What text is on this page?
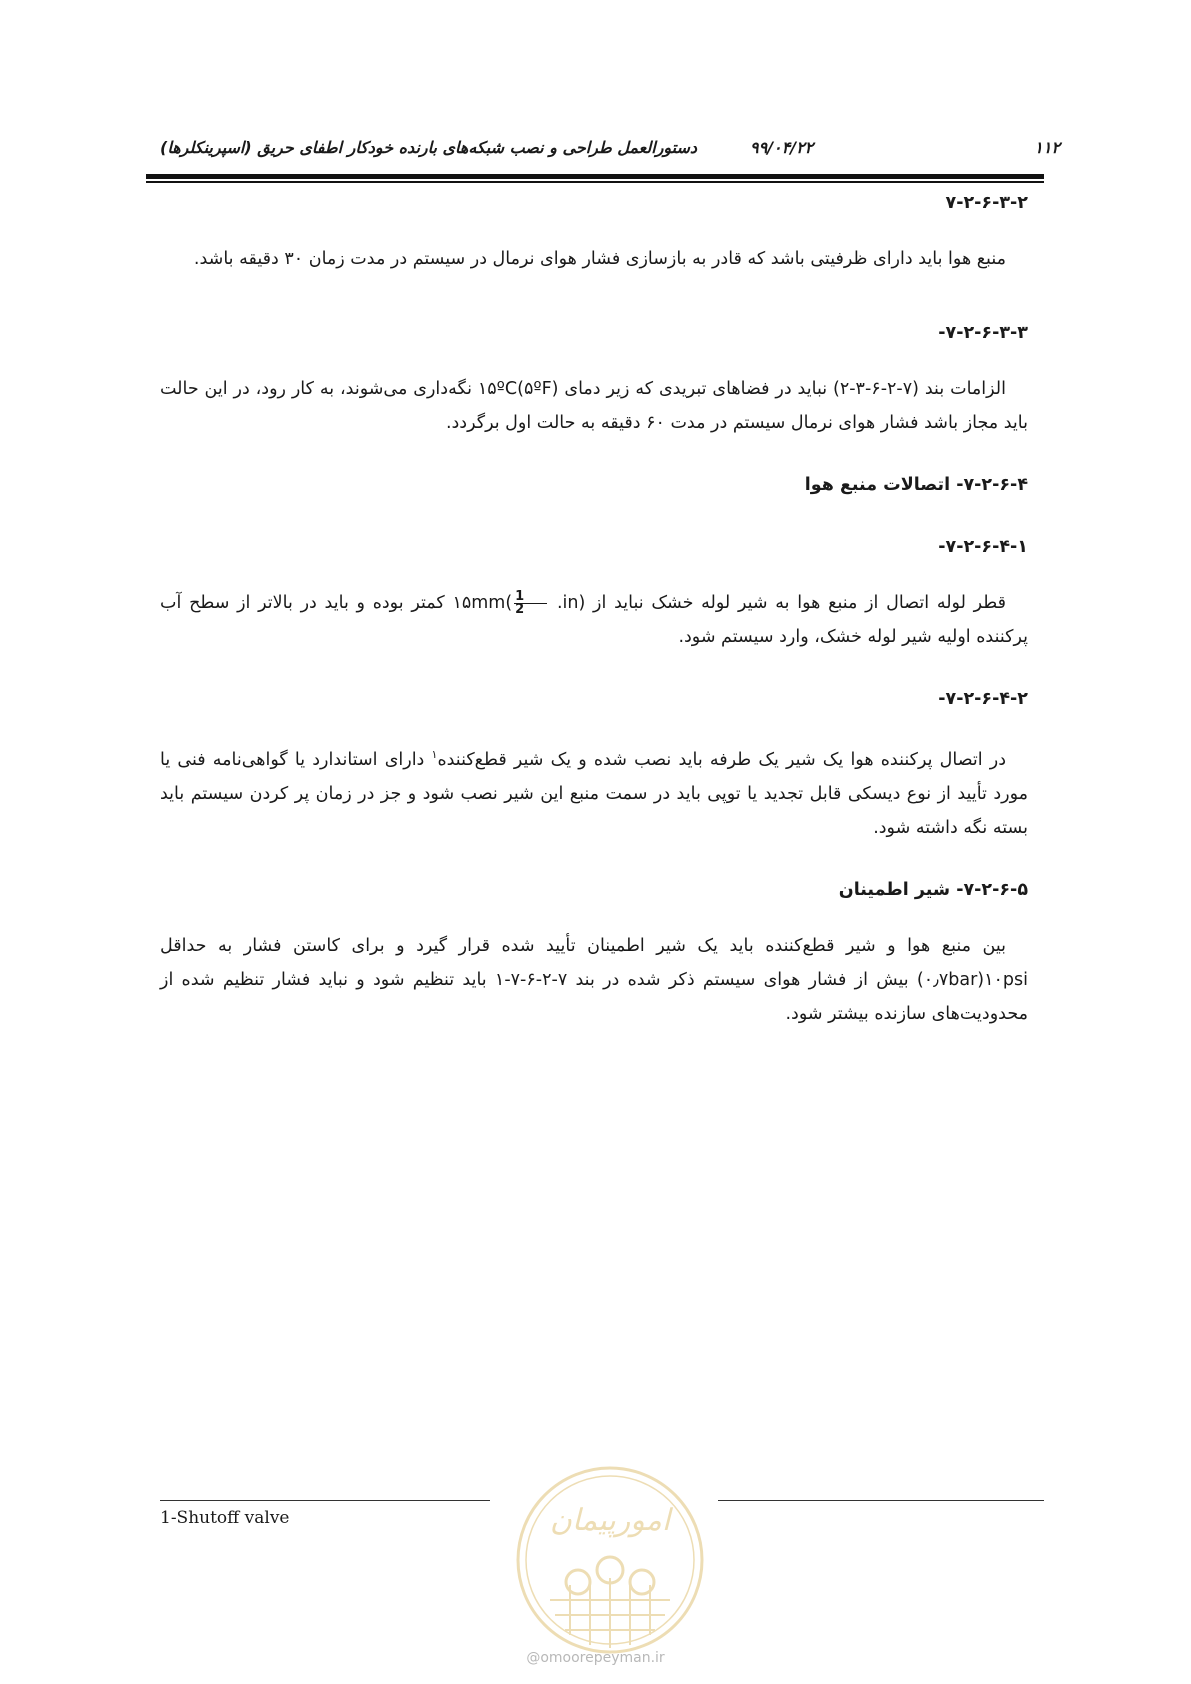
دستورالعمل طراحی و نصب شبکه‌های بارنده خودکار اطفای حریق (اسپرینکلرها)	۹۹/۰۴/۲۲	۱۱۲

۷-۲-۶-۳-۲

منبع هوا باید دارای ظرفیتی باشد که قادر به بازسازی فشار هوای نرمال در سیستم در مدت زمان ۳۰ دقیقه باشد.

۷-۲-۶-۳-۳-

الزامات بند (۷-۲-۶-۳-۲) نباید در فضاهای تبریدی که زیر دمای ۱۵ºC(۵ºF) نگه‌داری می‌شوند، به کار رود، در این حالت باید مجاز باشد فشار هوای نرمال سیستم در مدت ۶۰ دقیقه به حالت اول برگردد.

۷-۲-۶-۴- اتصالات منبع هوا

۷-۲-۶-۴-۱-

قطر لوله اتصال از منبع هوا به شیر لوله خشک نباید از ۱۵mm(
$\frac{1}{2}$
.in) کمتر بوده و باید در بالاتر از سطح آب پرکننده اولیه شیر لوله خشک، وارد سیستم شود.

۷-۲-۶-۴-۲-

در اتصال پرکننده هوا یک شیر یک طرفه باید نصب شده و یک شیر قطع‌کننده$^۱$ دارای استاندارد یا گواهی‌نامه فنی یا مورد تأیید از نوع دیسکی قابل تجدید یا توپی باید در سمت منبع این شیر نصب شود و جز در زمان پر کردن سیستم باید بسته نگه داشته شود.

۷-۲-۶-۵- شیر اطمینان

بین منبع هوا و شیر قطع‌کننده باید یک شیر اطمینان تأیید شده قرار گیرد و برای کاستن فشار به حداقل ۱۰psi(۰٫۷bar) بیش از فشار هوای سیستم ذکر شده در بند ۷-۲-۶-۷-۱ باید تنظیم شود و نباید فشار تنظیم شده از محدودیت‌های سازنده بیشتر شود.

1-Shutoff valve	امورپیمان
@omoorepeyman.ir
